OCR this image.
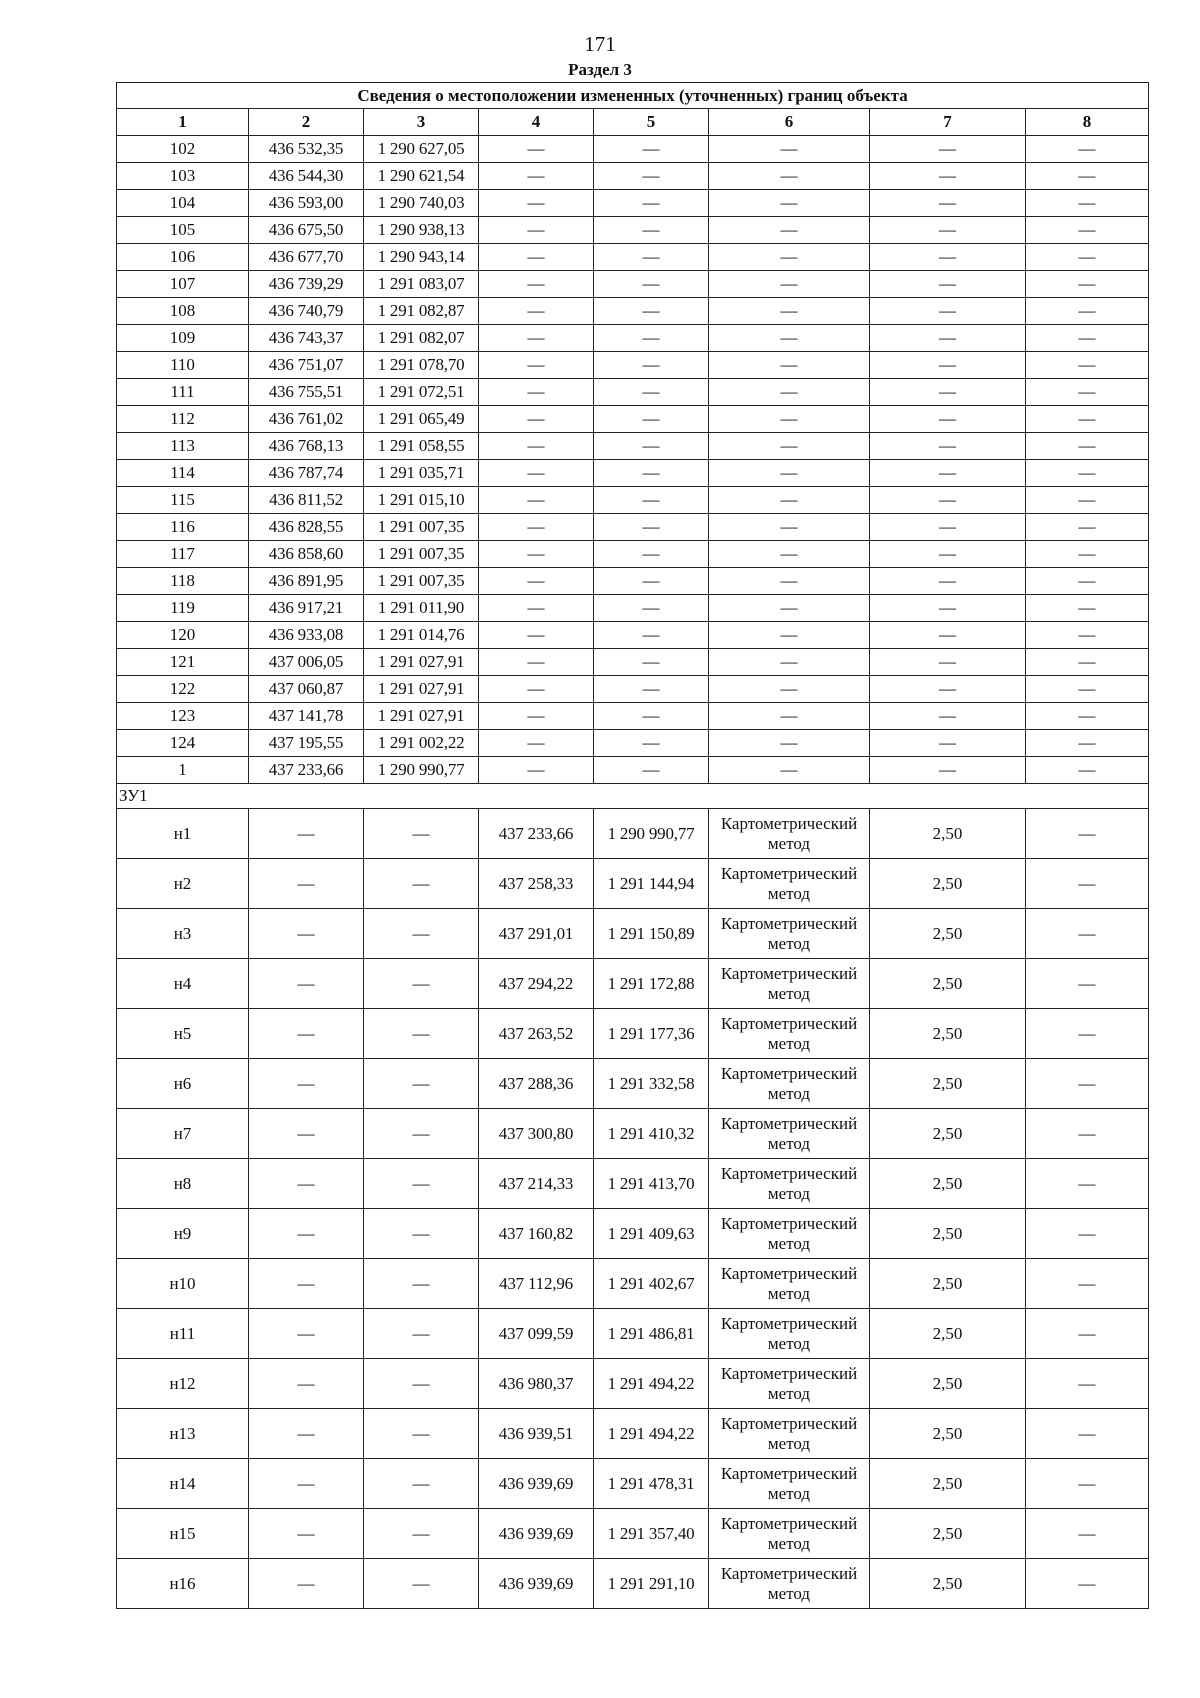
171
Раздел 3
Сведения о местоположении измененных (уточненных) границ объекта							
1	2	3	4	5	6	7	8
102	436 532,35	1 290 627,05	—	—	—	—	—
103	436 544,30	1 290 621,54	—	—	—	—	—
104	436 593,00	1 290 740,03	—	—	—	—	—
105	436 675,50	1 290 938,13	—	—	—	—	—
106	436 677,70	1 290 943,14	—	—	—	—	—
107	436 739,29	1 291 083,07	—	—	—	—	—
108	436 740,79	1 291 082,87	—	—	—	—	—
109	436 743,37	1 291 082,07	—	—	—	—	—
110	436 751,07	1 291 078,70	—	—	—	—	—
111	436 755,51	1 291 072,51	—	—	—	—	—
112	436 761,02	1 291 065,49	—	—	—	—	—
113	436 768,13	1 291 058,55	—	—	—	—	—
114	436 787,74	1 291 035,71	—	—	—	—	—
115	436 811,52	1 291 015,10	—	—	—	—	—
116	436 828,55	1 291 007,35	—	—	—	—	—
117	436 858,60	1 291 007,35	—	—	—	—	—
118	436 891,95	1 291 007,35	—	—	—	—	—
119	436 917,21	1 291 011,90	—	—	—	—	—
120	436 933,08	1 291 014,76	—	—	—	—	—
121	437 006,05	1 291 027,91	—	—	—	—	—
122	437 060,87	1 291 027,91	—	—	—	—	—
123	437 141,78	1 291 027,91	—	—	—	—	—
124	437 195,55	1 291 002,22	—	—	—	—	—
1	437 233,66	1 290 990,77	—	—	—	—	—
ЗУ1							
н1	—	—	437 233,66	1 290 990,77	Картометрический метод	2,50	—
н2	—	—	437 258,33	1 291 144,94	Картометрический метод	2,50	—
н3	—	—	437 291,01	1 291 150,89	Картометрический метод	2,50	—
н4	—	—	437 294,22	1 291 172,88	Картометрический метод	2,50	—
н5	—	—	437 263,52	1 291 177,36	Картометрический метод	2,50	—
н6	—	—	437 288,36	1 291 332,58	Картометрический метод	2,50	—
н7	—	—	437 300,80	1 291 410,32	Картометрический метод	2,50	—
н8	—	—	437 214,33	1 291 413,70	Картометрический метод	2,50	—
н9	—	—	437 160,82	1 291 409,63	Картометрический метод	2,50	—
н10	—	—	437 112,96	1 291 402,67	Картометрический метод	2,50	—
н11	—	—	437 099,59	1 291 486,81	Картометрический метод	2,50	—
н12	—	—	436 980,37	1 291 494,22	Картометрический метод	2,50	—
н13	—	—	436 939,51	1 291 494,22	Картометрический метод	2,50	—
н14	—	—	436 939,69	1 291 478,31	Картометрический метод	2,50	—
н15	—	—	436 939,69	1 291 357,40	Картометрический метод	2,50	—
н16	—	—	436 939,69	1 291 291,10	Картометрический метод	2,50	—
